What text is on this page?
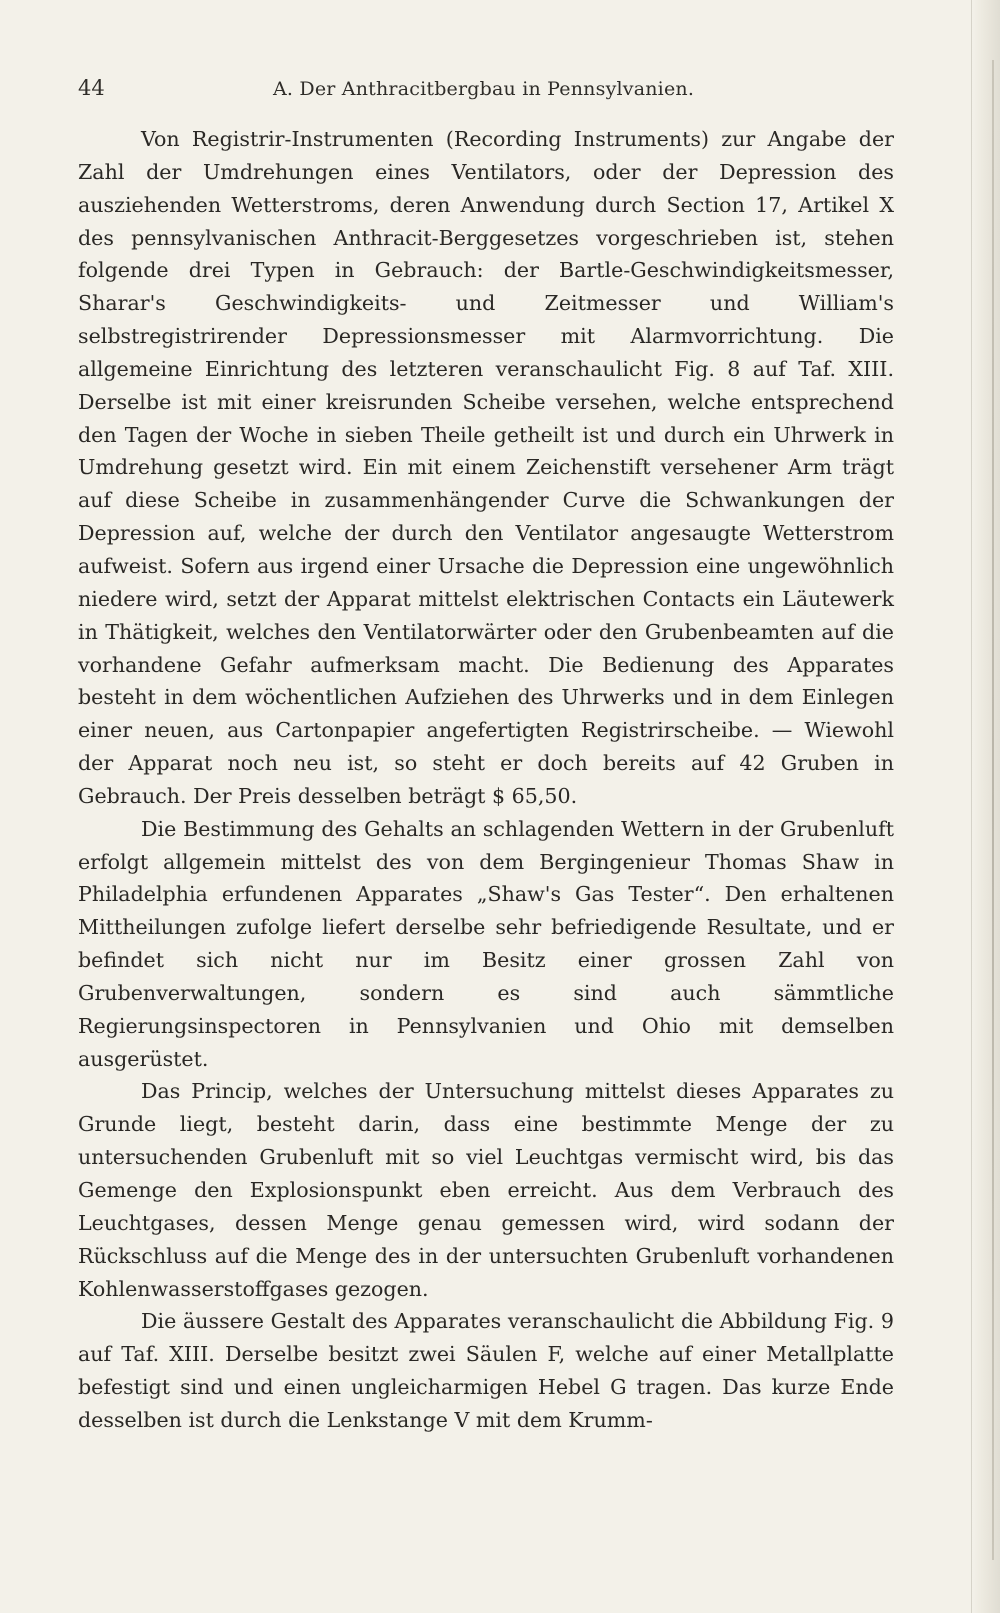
44	A. Der Anthracitbergbau in Pennsylvanien.

Von Registrir-Instrumenten (Recording Instruments) zur Angabe der Zahl der Umdrehungen eines Ventilators, oder der Depression des ausziehenden Wetterstroms, deren Anwendung durch Section 17, Artikel X des pennsylvanischen Anthracit-Berggesetzes vorgeschrieben ist, stehen folgende drei Typen in Gebrauch: der Bartle-Geschwindigkeitsmesser, Sharar's Geschwindigkeits- und Zeitmesser und William's selbstregistrirender Depressionsmesser mit Alarmvorrichtung. Die allgemeine Einrichtung des letzteren veranschaulicht Fig. 8 auf Taf. XIII. Derselbe ist mit einer kreisrunden Scheibe versehen, welche entsprechend den Tagen der Woche in sieben Theile getheilt ist und durch ein Uhrwerk in Umdrehung gesetzt wird. Ein mit einem Zeichenstift versehener Arm trägt auf diese Scheibe in zusammenhängender Curve die Schwankungen der Depression auf, welche der durch den Ventilator angesaugte Wetterstrom aufweist. Sofern aus irgend einer Ursache die Depression eine ungewöhnlich niedere wird, setzt der Apparat mittelst elektrischen Contacts ein Läutewerk in Thätigkeit, welches den Ventilatorwärter oder den Grubenbeamten auf die vorhandene Gefahr aufmerksam macht. Die Bedienung des Apparates besteht in dem wöchentlichen Aufziehen des Uhrwerks und in dem Einlegen einer neuen, aus Cartonpapier angefertigten Registrirscheibe. — Wiewohl der Apparat noch neu ist, so steht er doch bereits auf 42 Gruben in Gebrauch. Der Preis desselben beträgt $ 65,50.

Die Bestimmung des Gehalts an schlagenden Wettern in der Grubenluft erfolgt allgemein mittelst des von dem Bergingenieur Thomas Shaw in Philadelphia erfundenen Apparates „Shaw's Gas Tester“. Den erhaltenen Mittheilungen zufolge liefert derselbe sehr befriedigende Resultate, und er befindet sich nicht nur im Besitz einer grossen Zahl von Grubenverwaltungen, sondern es sind auch sämmtliche Regierungsinspectoren in Pennsylvanien und Ohio mit demselben ausgerüstet.

Das Princip, welches der Untersuchung mittelst dieses Apparates zu Grunde liegt, besteht darin, dass eine bestimmte Menge der zu untersuchenden Grubenluft mit so viel Leuchtgas vermischt wird, bis das Gemenge den Explosionspunkt eben erreicht. Aus dem Verbrauch des Leuchtgases, dessen Menge genau gemessen wird, wird sodann der Rückschluss auf die Menge des in der untersuchten Grubenluft vorhandenen Kohlenwasserstoffgases gezogen.

Die äussere Gestalt des Apparates veranschaulicht die Abbildung Fig. 9 auf Taf. XIII. Derselbe besitzt zwei Säulen F, welche auf einer Metallplatte befestigt sind und einen ungleicharmigen Hebel G tragen. Das kurze Ende desselben ist durch die Lenkstange V mit dem Krumm-
